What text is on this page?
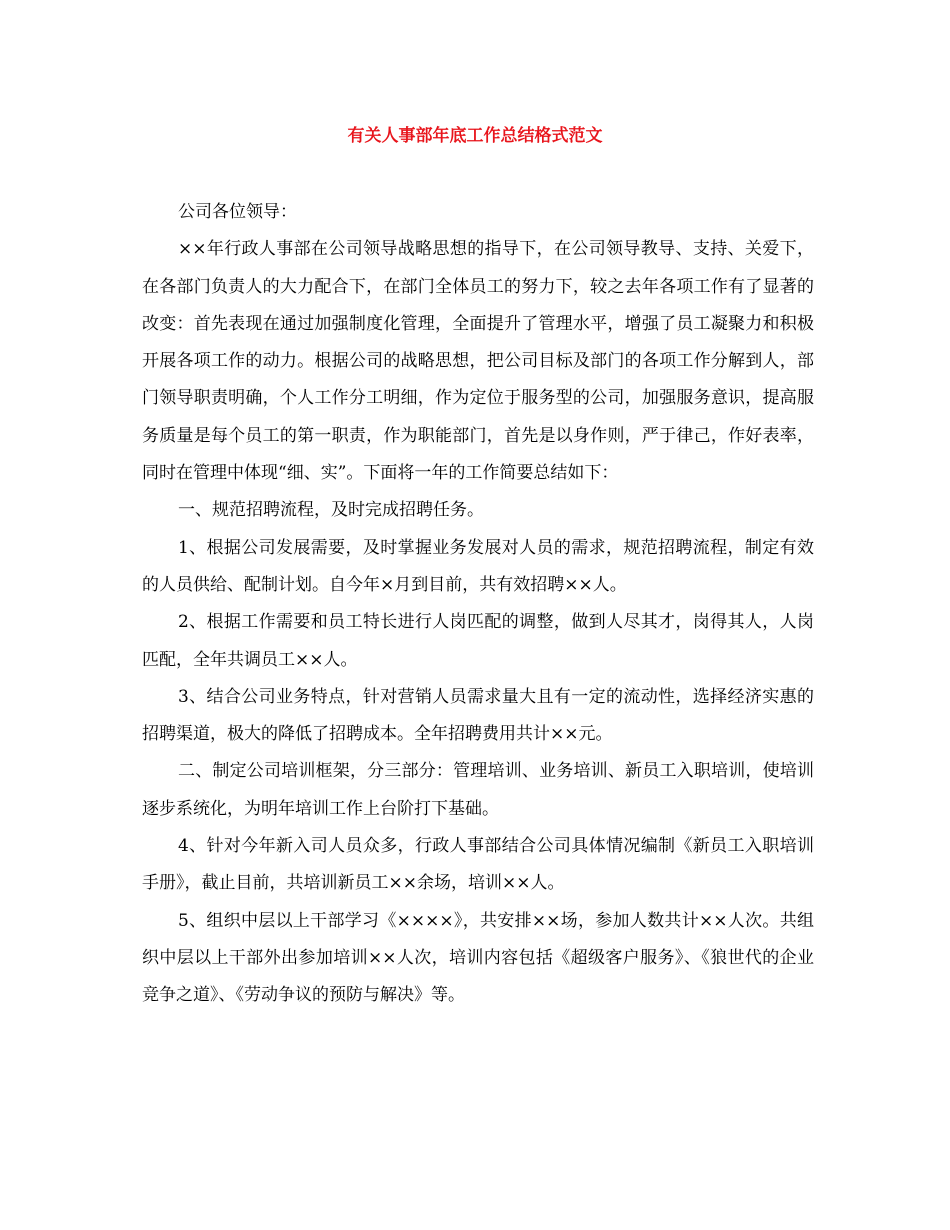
有关人事部年底工作总结格式范文

公司各位领导：

××年行政人事部在公司领导战略思想的指导下，在公司领导教导、支持、关爱下，在各部门负责人的大力配合下，在部门全体员工的努力下，较之去年各项工作有了显著的改变：首先表现在通过加强制度化管理，全面提升了管理水平，增强了员工凝聚力和积极开展各项工作的动力。根据公司的战略思想，把公司目标及部门的各项工作分解到人，部门领导职责明确，个人工作分工明细，作为定位于服务型的公司，加强服务意识，提高服务质量是每个员工的第一职责，作为职能部门，首先是以身作则，严于律己，作好表率，同时在管理中体现“细、实”。下面将一年的工作简要总结如下：

一、规范招聘流程，及时完成招聘任务。

1、根据公司发展需要，及时掌握业务发展对人员的需求，规范招聘流程，制定有效的人员供给、配制计划。自今年×月到目前，共有效招聘××人。

2、根据工作需要和员工特长进行人岗匹配的调整，做到人尽其才，岗得其人，人岗匹配，全年共调员工××人。

3、结合公司业务特点，针对营销人员需求量大且有一定的流动性，选择经济实惠的招聘渠道，极大的降低了招聘成本。全年招聘费用共计××元。

二、制定公司培训框架，分三部分：管理培训、业务培训、新员工入职培训，使培训逐步系统化，为明年培训工作上台阶打下基础。

4、针对今年新入司人员众多，行政人事部结合公司具体情况编制《新员工入职培训手册》，截止目前，共培训新员工××余场，培训××人。

5、组织中层以上干部学习《××××》，共安排××场，参加人数共计××人次。共组织中层以上干部外出参加培训××人次，培训内容包括《超级客户服务》、《狼世代的企业竞争之道》、《劳动争议的预防与解决》等。
